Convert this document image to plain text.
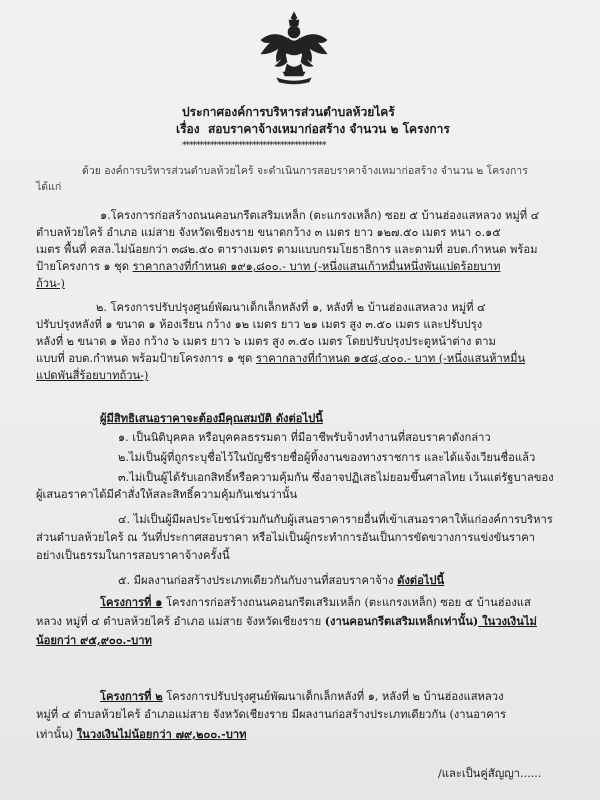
ประกาศองค์การบริหารส่วนตำบลห้วยไคร้
เรื่อง สอบราคาจ้างเหมาก่อสร้าง จำนวน ๒ โครงการ
*****************************************
ด้วย องค์การบริหารส่วนตำบลห้วยไคร้ จะดำเนินการสอบราคาจ้างเหมาก่อสร้าง จำนวน ๒ โครงการ
ได้แก่
๑.โครงการก่อสร้างถนนคอนกรีตเสริมเหล็ก (ตะแกรงเหล็ก) ซอย ๕ บ้านฮ่องแสหลวง หมู่ที่ ๔
ตำบลห้วยไคร้ อำเภอ แม่สาย จังหวัดเชียงราย ขนาดกว้าง ๓ เมตร ยาว ๑๒๗.๕๐ เมตร หนา ๐.๑๕
เมตร พื้นที่ คสล.ไม่น้อยกว่า ๓๘๒.๕๐ ตารางเมตร ตามแบบกรมโยธาธิการ และตามที่ อบต.กำหนด พร้อม
ป้ายโครงการ ๑ ชุด ราคากลางที่กำหนด ๑๙๑,๘๐๐.- บาท (-หนึ่งแสนเก้าหมื่นหนึ่งพันแปดร้อยบาท
ถ้วน-)
๒. โครงการปรับปรุงศูนย์พัฒนาเด็กเล็กหลังที่ ๑, หลังที่ ๒ บ้านฮ่องแสหลวง หมู่ที่ ๔
ปรับปรุงหลังที่ ๑ ขนาด ๑ ห้องเรียน กว้าง ๑๒ เมตร ยาว ๒๑ เมตร สูง ๓.๕๐ เมตร และปรับปรุง
หลังที่ ๒ ขนาด ๑ ห้อง กว้าง ๖ เมตร ยาว ๖ เมตร สูง ๓.๕๐ เมตร โดยปรับปรุงประตูหน้าต่าง ตาม
แบบที่ อบต.กำหนด พร้อมป้ายโครงการ ๑ ชุด ราคากลางที่กำหนด ๑๕๘,๔๐๐.- บาท (-หนึ่งแสนห้าหมื่น
แปดพันสี่ร้อยบาทถ้วน-)
ผู้มีสิทธิเสนอราคาจะต้องมีคุณสมบัติ ดังต่อไปนี้
๑. เป็นนิติบุคคล หรือบุคคลธรรมดา ที่มีอาชีพรับจ้างทำงานที่สอบราคาดังกล่าว
๒.ไม่เป็นผู้ที่ถูกระบุชื่อไว้ในบัญชีรายชื่อผู้ทิ้งงานของทางราชการ และได้แจ้งเวียนชื่อแล้ว
๓.ไม่เป็นผู้ได้รับเอกสิทธิ์หรือความคุ้มกัน ซึ่งอาจปฏิเสธไม่ยอมขึ้นศาลไทย เว้นแต่รัฐบาลของ
ผู้เสนอราคาได้มีคำสั่งให้สละสิทธิ์ความคุ้มกันเช่นว่านั้น
๔. ไม่เป็นผู้มีผลประโยชน์ร่วมกันกับผู้เสนอราคารายอื่นที่เข้าเสนอราคาให้แก่องค์การบริหาร
ส่วนตำบลห้วยไคร้ ณ วันที่ประกาศสอบราคา หรือไม่เป็นผู้กระทำการอันเป็นการขัดขวางการแข่งขันราคา
อย่างเป็นธรรมในการสอบราคาจ้างครั้งนี้
๕. มีผลงานก่อสร้างประเภทเดียวกันกับงานที่สอบราคาจ้าง ดังต่อไปนี้
โครงการที่ ๑ โครงการก่อสร้างถนนคอนกรีตเสริมเหล็ก (ตะแกรงเหล็ก) ซอย ๕ บ้านฮ่องแส
หลวง หมู่ที่ ๔ ตำบลห้วยไคร้ อำเภอ แม่สาย จังหวัดเชียงราย (งานคอนกรีตเสริมเหล็กเท่านั้น) ในวงเงินไม่
น้อยกว่า ๙๕,๙๐๐.-บาท
โครงการที่ ๒ โครงการปรับปรุงศูนย์พัฒนาเด็กเล็กหลังที่ ๑, หลังที่ ๒ บ้านฮ่องแสหลวง
หมู่ที่ ๔ ตำบลห้วยไคร้ อำเภอแม่สาย จังหวัดเชียงราย มีผลงานก่อสร้างประเภทเดียวกัน (งานอาคาร
เท่านั้น) ในวงเงินไม่น้อยกว่า ๗๙,๒๐๐.-บาท
/และเป็นคู่สัญญา......
